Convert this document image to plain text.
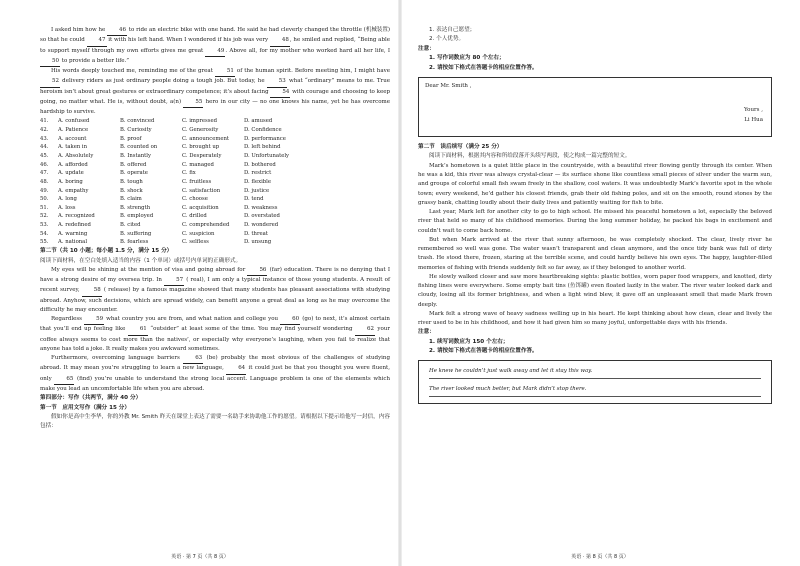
I asked him how he 46 to ride an electric bike with one hand. He said he had cleverly changed the throttle (机械装置) so that he could 47 it with his left hand. When I wondered if his job was very 48, he smiled and replied, “Being able to support myself through my own efforts gives me great 49. Above all, for my mother who worked hard all her life, I 50 to provide a better life.”

His words deeply touched me, reminding me of the great 51 of the human spirit. Before meeting him, I might have 52 delivery riders as just ordinary people doing a tough job. But today, he 53 what “ordinary” means to me. True heroism isn’t about great gestures or extraordinary competence; it’s about facing 54 with courage and choosing to keep going, no matter what. He is, without doubt, a(n) 55 hero in our city — no one knows his name, yet he has overcome hardship to survive.

41.	A. confused	B. convinced	C. impressed	D. amused
42.	A. Patience	B. Curiosity	C. Generosity	D. Confidence
43.	A. account	B. proof	C. announcement	D. performance
44.	A. taken in	B. counted on	C. brought up	D. left behind
45.	A. Absolutely	B. Instantly	C. Desperately	D. Unfortunately
46.	A. afforded	B. offered	C. managed	D. bothered
47.	A. update	B. operate	C. fix	D. restrict
48.	A. boring	B. tough	C. fruitless	D. flexible
49.	A. empathy	B. shock	C. satisfaction	D. justice
50.	A. long	B. claim	C. choose	D. tend
51.	A. loss	B. strength	C. acquisition	D. weakness
52.	A. recognized	B. employed	C. drilled	D. overstated
53.	A. redefined	B. cited	C. comprehended	D. wondered
54.	A. warning	B. suffering	C. suspicion	D. threat
55.	A. national	B. fearless	C. selfless	D. unsung

第二节（共 10 小题；每小题 1.5 分，满分 15 分）

阅读下面材料，在空白处填入适当的内容（1 个单词）或括号内单词的正确形式。

My eyes will be shining at the mention of visa and going abroad for 56 (far) education. There is no denying that I have a strong desire of my oversea trip. In 57 ( real), I am only a typical instance of those young students. A result of recent survey, 58 ( release) by a famous magazine showed that many students has pleasant associations with studying abroad. Anyhow, such decisions, which are spread widely, can benefit anyone a great deal as long as he may overcome the difficulty he may encounter.

Regardless 59 what country you are from, and what nation and college you 60 (go) to next, it’s almost certain that you’ll end up feeling like 61 “outsider” at least some of the time. You may find yourself wondering 62 your coffee always seems to cost more than the natives’, or especially why everyone’s laughing, when you fail to realize that anyone has told a joke. It really makes you awkward sometimes.

Furthermore, overcoming language barriers 63 (be) probably the most obvious of the challenges of studying abroad. It may mean you’re struggling to learn a new language, 64 it could just be that you thought you were fluent, only 65 (find) you’re unable to understand the strong local accent. Language problem is one of the elements which make you lead an uncomfortable life when you are abroad.

第四部分：写作（共两节，满分 40 分）

第一节　应用文写作（满分 15 分）

假如你是高中生李华，你的外教 Mr. Smith 昨天在课堂上表达了需要一名助手来协助他工作的愿望。请根据以下提示给他写一封信，内容包括：

英语 · 第 7 页（共 8 页）

1. 表达自己愿望；

2. 个人优势。

注意：

1. 写作词数应为 80 个左右；

2. 请按如下格式在答题卡的相应位置作答。

Dear Mr. Smith ,
Yours ,
Li Hua

第二节　读后续写（满分 25 分）

阅读下面材料，根据其内容和所给段落开头续写两段，使之构成一篇完整的短文。

Mark’s hometown is a quiet little place in the countryside, with a beautiful river flowing gently through its center. When he was a kid, this river was always crystal-clear — its surface shone like countless small pieces of silver under the warm sun, and groups of colorful small fish swam freely in the shallow, cool waters. It was undoubtedly Mark’s favorite spot in the whole town; every weekend, he’d gather his closest friends, grab their old fishing poles, and sit on the smooth, round stones by the grassy bank, chatting loudly about their daily lives and patiently waiting for fish to bite.

Last year, Mark left for another city to go to high school. He missed his peaceful hometown a lot, especially the beloved river that held so many of his childhood memories. During the long summer holiday, he packed his bags in excitement and couldn’t wait to come back home.

But when Mark arrived at the river that sunny afternoon, he was completely shocked. The clear, lively river he remembered so well was gone. The water wasn’t transparent and clean anymore, and the once tidy bank was full of dirty trash. He stood there, frozen, staring at the terrible scene, and could hardly believe his own eyes. The happy, laughter-filled memories of fishing with friends suddenly felt so far away, as if they belonged to another world.

He slowly walked closer and saw more heartbreaking sights: plastic bottles, worn paper food wrappers, and knotted, dirty fishing lines were everywhere. Some empty bait tins (鱼饵罐) even floated lazily in the water. The river water looked dark and cloudy, losing all its former brightness, and when a light wind blew, it gave off an unpleasant smell that made Mark frown deeply.

Mark felt a strong wave of heavy sadness welling up in his heart. He kept thinking about how clean, clear and lively the river used to be in his childhood, and how it had given him so many joyful, unforgettable days with his friends.

注意：

1. 续写词数应为 150 个左右；

2. 请按如下格式在答题卡的相应位置作答。

He knew he couldn’t just walk away and let it stay this way.
The river looked much better, but Mark didn’t stop there.
英语 · 第 8 页（共 8 页）
